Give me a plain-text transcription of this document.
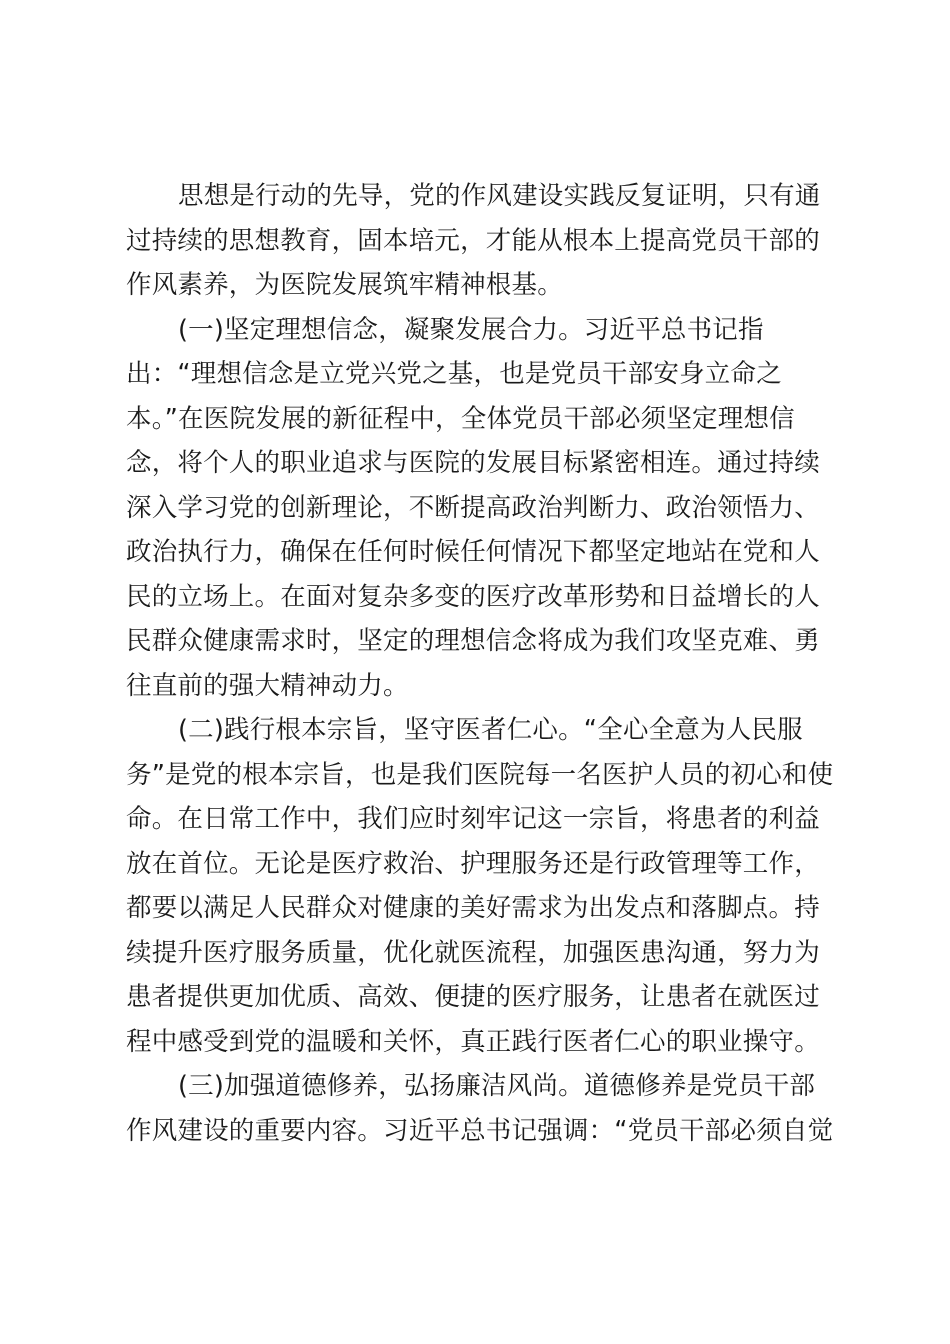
思想是行动的先导，党的作风建设实践反复证明，只有通
过持续的思想教育，固本培元，才能从根本上提高党员干部的
作风素养，为医院发展筑牢精神根基。
(一)坚定理想信念，凝聚发展合力。习近平总书记指
出：“理想信念是立党兴党之基，也是党员干部安身立命之
本。”在医院发展的新征程中，全体党员干部必须坚定理想信
念，将个人的职业追求与医院的发展目标紧密相连。通过持续
深入学习党的创新理论，不断提高政治判断力、政治领悟力、
政治执行力，确保在任何时候任何情况下都坚定地站在党和人
民的立场上。在面对复杂多变的医疗改革形势和日益增长的人
民群众健康需求时，坚定的理想信念将成为我们攻坚克难、勇
往直前的强大精神动力。
(二)践行根本宗旨，坚守医者仁心。“全心全意为人民服
务”是党的根本宗旨，也是我们医院每一名医护人员的初心和使
命。在日常工作中，我们应时刻牢记这一宗旨，将患者的利益
放在首位。无论是医疗救治、护理服务还是行政管理等工作，
都要以满足人民群众对健康的美好需求为出发点和落脚点。持
续提升医疗服务质量，优化就医流程，加强医患沟通，努力为
患者提供更加优质、高效、便捷的医疗服务，让患者在就医过
程中感受到党的温暖和关怀，真正践行医者仁心的职业操守。
(三)加强道德修养，弘扬廉洁风尚。道德修养是党员干部
作风建设的重要内容。习近平总书记强调：“党员干部必须自觉
